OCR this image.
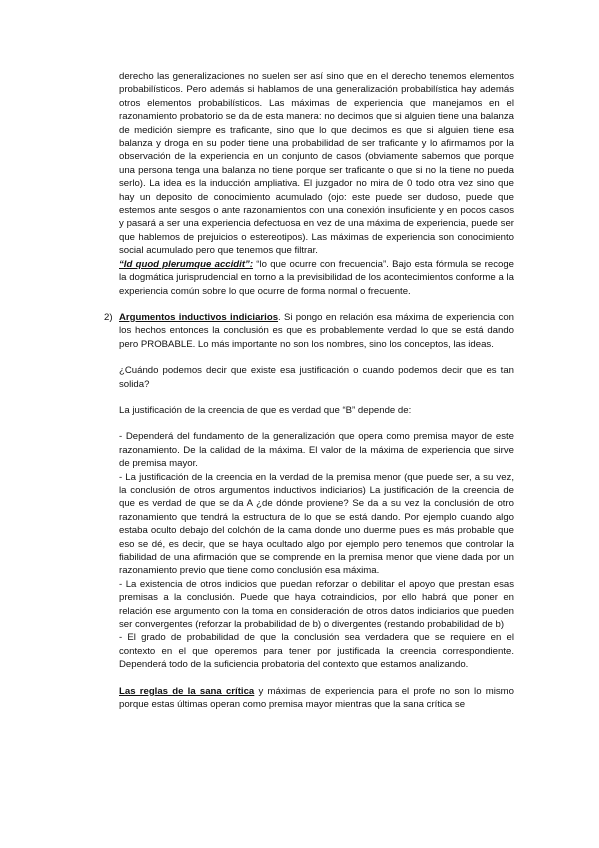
derecho las generalizaciones no suelen ser así sino que en el derecho tenemos elementos probabilísticos. Pero además si hablamos de una generalización probabilística hay además otros elementos probabilísticos. Las máximas de experiencia que manejamos en el razonamiento probatorio se da de esta manera: no decimos que si alguien tiene una balanza de medición siempre es traficante, sino que lo que decimos es que si alguien tiene esa balanza y droga en su poder tiene una probabilidad de ser traficante y lo afirmamos por la observación de la experiencia en un conjunto de casos (obviamente sabemos que porque una persona tenga una balanza no tiene porque ser traficante o que si no la tiene no pueda serlo). La idea es la inducción ampliativa. El juzgador no mira de 0 todo otra vez sino que hay un deposito de conocimiento acumulado (ojo: este puede ser dudoso, puede que estemos ante sesgos o ante razonamientos con una conexión insuficiente y en pocos casos y pasará a ser una experiencia defectuosa en vez de una máxima de experiencia, puede ser que hablemos de prejuicios o estereotipos). Las máximas de experiencia son conocimiento social acumulado pero que tenemos que filtrar.

“Id quod plerumque accidit”: “lo que ocurre con frecuencia”. Bajo esta fórmula se recoge la dogmática jurisprudencial en torno a la previsibilidad de los acontecimientos conforme a la experiencia común sobre lo que ocurre de forma normal o frecuente.

2) Argumentos inductivos indiciarios. Si pongo en relación esa máxima de experiencia con los hechos entonces la conclusión es que es probablemente verdad lo que se está dando pero PROBABLE. Lo más importante no son los nombres, sino los conceptos, las ideas.

¿Cuándo podemos decir que existe esa justificación o cuando podemos decir que es tan solida?

La justificación de la creencia de que es verdad que “B” depende de:

- Dependerá del fundamento de la generalización que opera como premisa mayor de este razonamiento. De la calidad de la máxima. El valor de la máxima de experiencia que sirve de premisa mayor.

- La justificación de la creencia en la verdad de la premisa menor (que puede ser, a su vez, la conclusión de otros argumentos inductivos indiciarios) La justificación de la creencia de que es verdad de que se da A ¿de dónde proviene? Se da a su vez la conclusión de otro razonamiento que tendrá la estructura de lo que se está dando. Por ejemplo cuando algo estaba oculto debajo del colchón de la cama donde uno duerme pues es más probable que eso se dé, es decir, que se haya ocultado algo por ejemplo pero tenemos que controlar la fiabilidad de una afirmación que se comprende en la premisa menor que viene dada por un razonamiento previo que tiene como conclusión esa máxima.

- La existencia de otros indicios que puedan reforzar o debilitar el apoyo que prestan esas premisas a la conclusión. Puede que haya cotraindicios, por ello habrá que poner en relación ese argumento con la toma en consideración de otros datos indiciarios que pueden ser convergentes (reforzar la probabilidad de b) o divergentes (restando probabilidad de b)

- El grado de probabilidad de que la conclusión sea verdadera que se requiere en el contexto en el que operemos para tener por justificada la creencia correspondiente. Dependerá todo de la suficiencia probatoria del contexto que estamos analizando.

Las reglas de la sana crítica y máximas de experiencia para el profe no son lo mismo porque estas últimas operan como premisa mayor mientras que la sana crítica se
